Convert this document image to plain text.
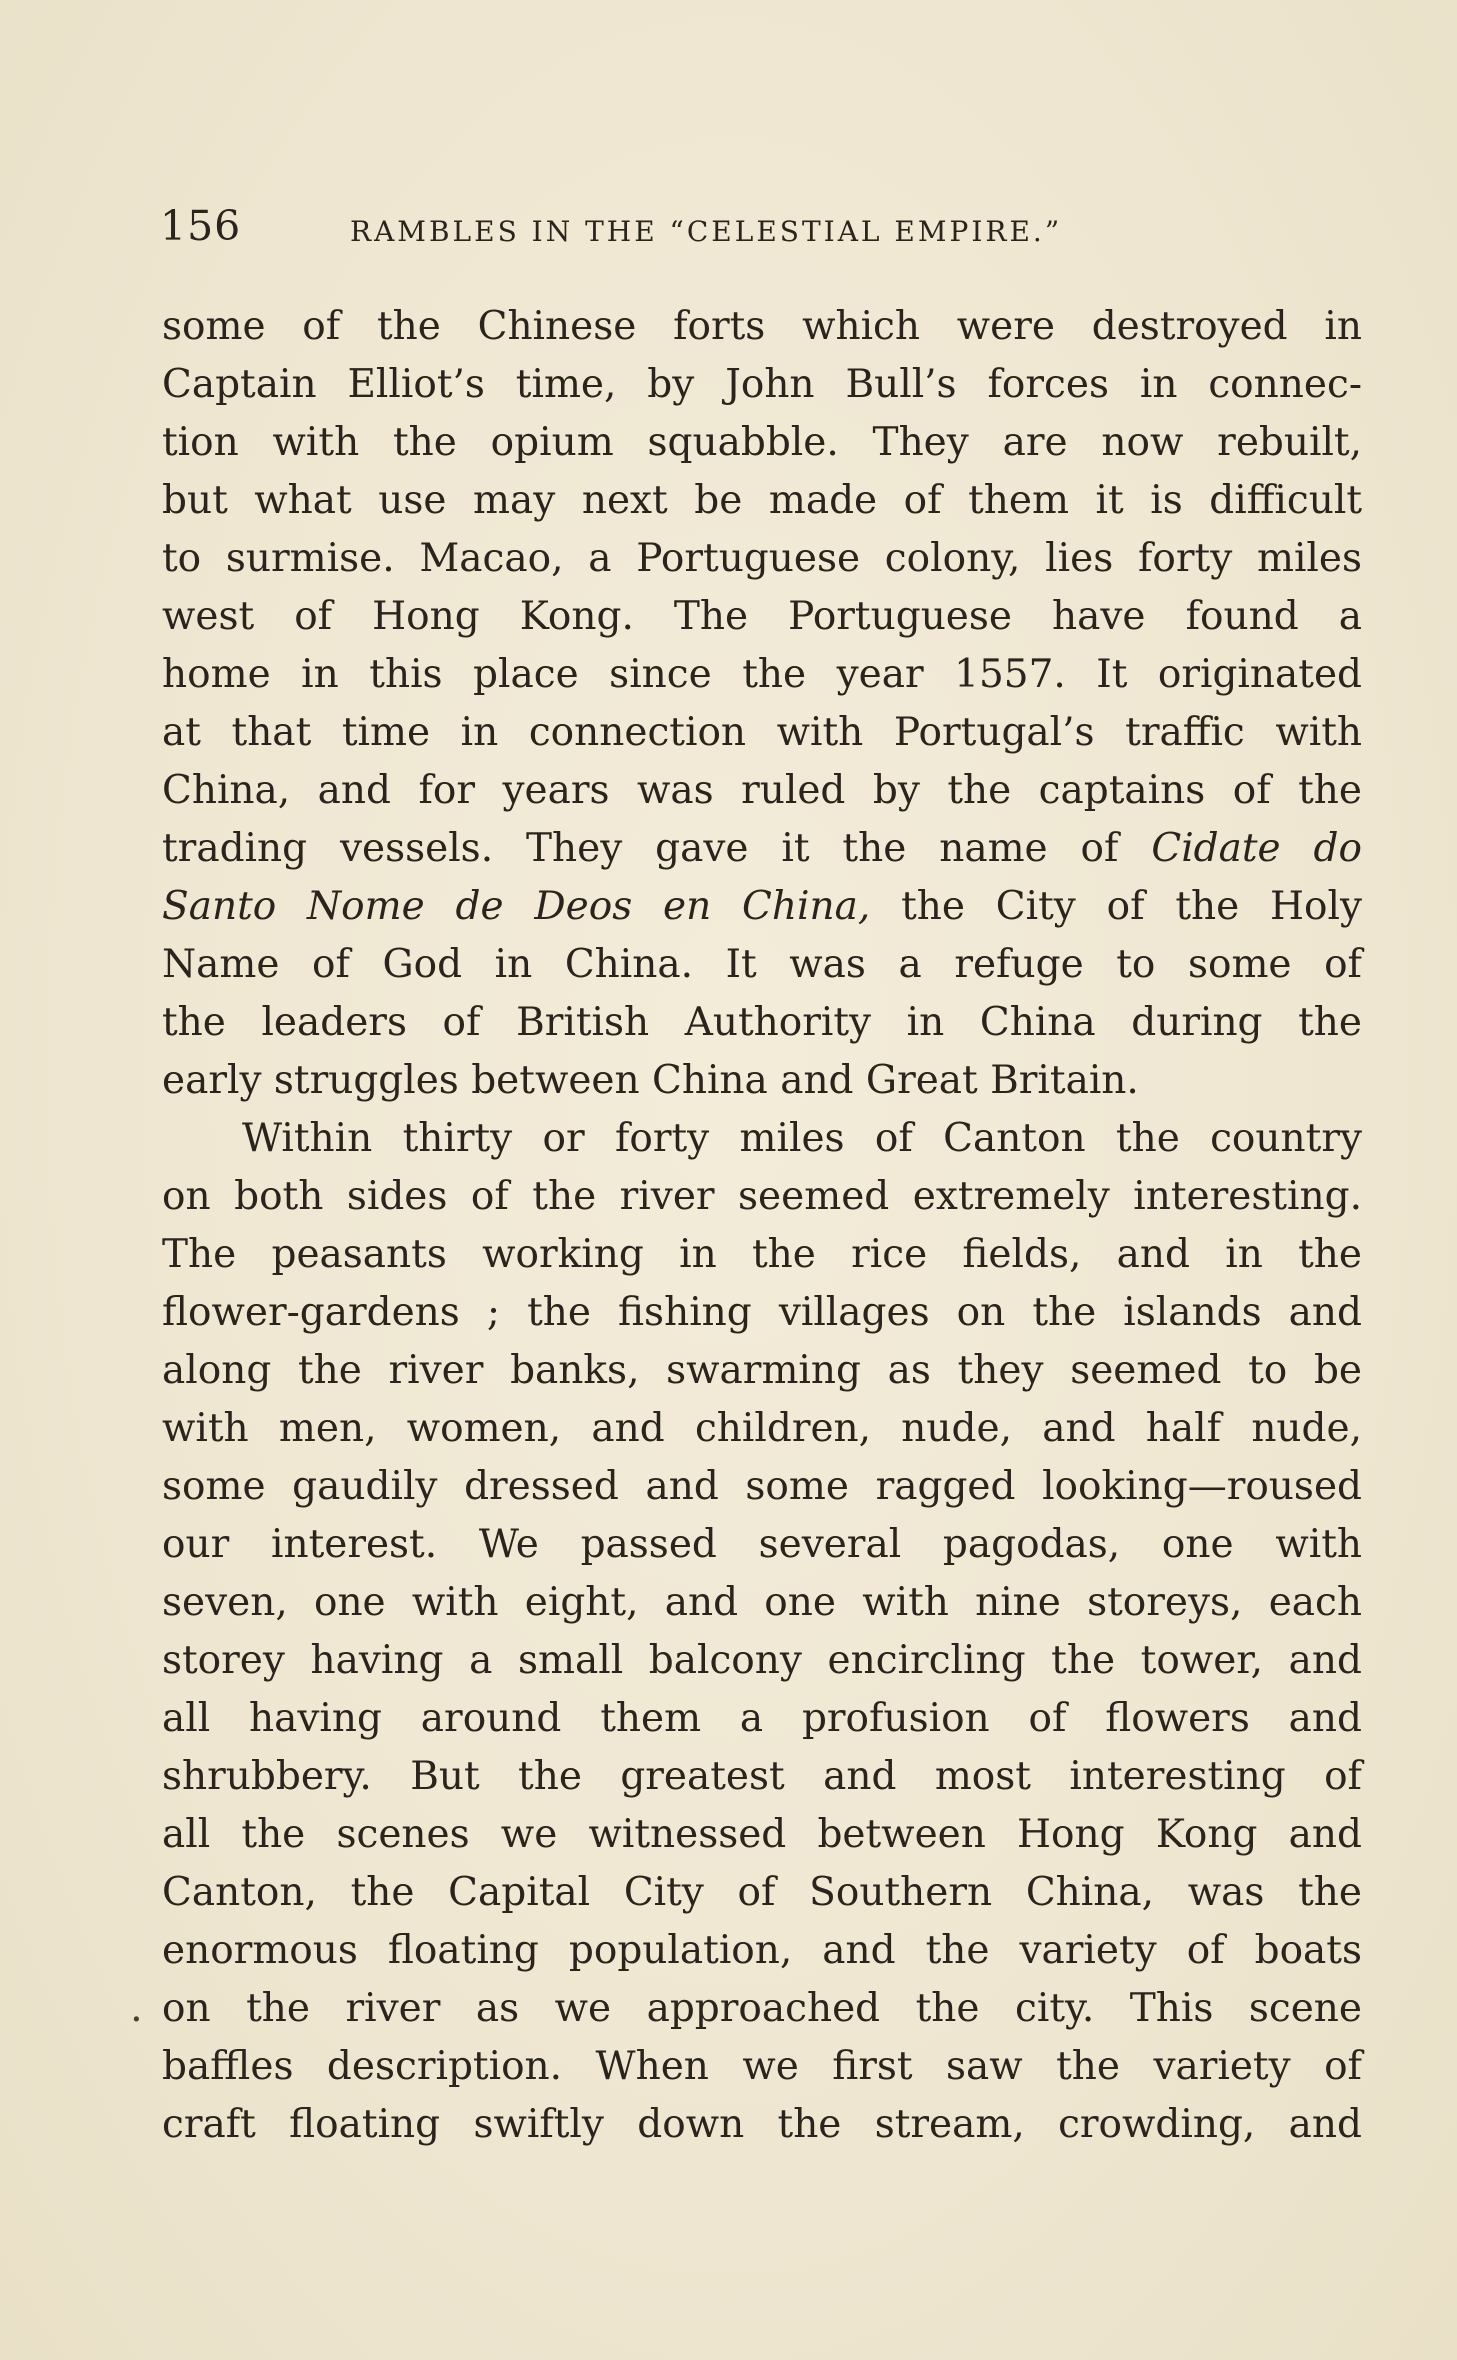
156	RAMBLES IN THE “CELESTIAL EMPIRE.”
some of the Chinese forts which were destroyed in
Captain Elliot’s time, by John Bull’s forces in connec-
tion with the opium squabble. They are now rebuilt,
but what use may next be made of them it is difficult
to surmise. Macao, a Portuguese colony, lies forty miles
west of Hong Kong. The Portuguese have found a
home in this place since the year 1557. It originated
at that time in connection with Portugal’s traffic with
China, and for years was ruled by the captains of the
trading vessels. They gave it the name of Cidate do
Santo Nome de Deos en China, the City of the Holy
Name of God in China. It was a refuge to some of
the leaders of British Authority in China during the
early struggles between China and Great Britain.
Within thirty or forty miles of Canton the country
on both sides of the river seemed extremely interesting.
The peasants working in the rice fields, and in the
flower-gardens ; the fishing villages on the islands and
along the river banks, swarming as they seemed to be
with men, women, and children, nude, and half nude,
some gaudily dressed and some ragged looking—roused
our interest. We passed several pagodas, one with
seven, one with eight, and one with nine storeys, each
storey having a small balcony encircling the tower, and
all having around them a profusion of flowers and
shrubbery. But the greatest and most interesting of
all the scenes we witnessed between Hong Kong and
Canton, the Capital City of Southern China, was the
enormous floating population, and the variety of boats
on the river as we approached the city. This scene
baffles description. When we first saw the variety of
craft floating swiftly down the stream, crowding, and
.
